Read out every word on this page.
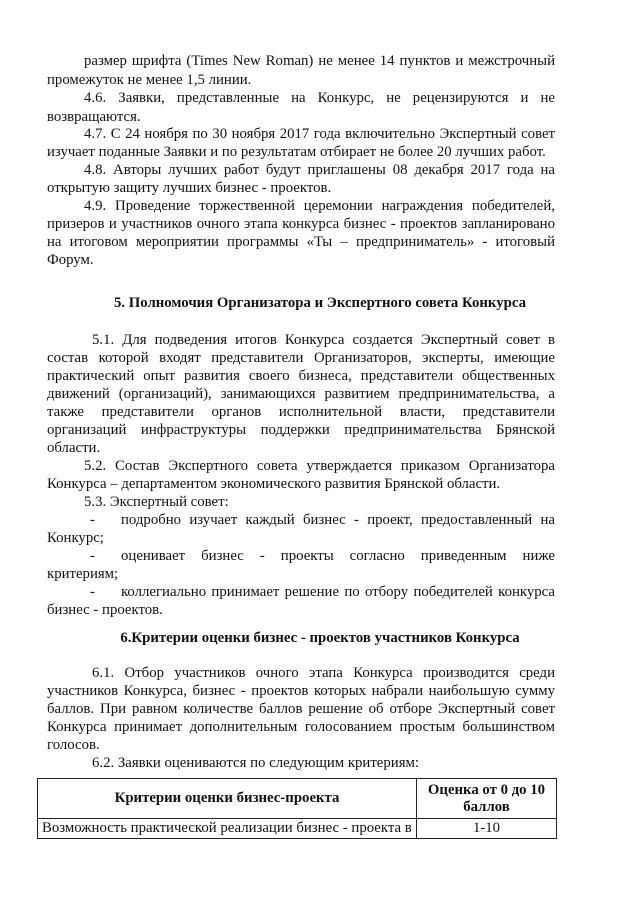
размер шрифта (Times New Roman) не менее 14 пунктов и межстрочный
промежуток не менее 1,5 линии.
4.6. Заявки, представленные на Конкурс, не рецензируются и не
возвращаются.
4.7. С 24 ноября по 30 ноября 2017 года включительно Экспертный совет
изучает поданные Заявки и по результатам отбирает не более 20 лучших работ.
4.8. Авторы лучших работ будут приглашены 08 декабря 2017 года на
открытую защиту лучших бизнес - проектов.
4.9. Проведение торжественной церемонии награждения победителей,
призеров и участников очного этапа конкурса бизнес - проектов запланировано
на итоговом мероприятии программы «Ты – предприниматель» - итоговый
Форум.
5. Полномочия Организатора и Экспертного совета Конкурса
5.1. Для подведения итогов Конкурса создается Экспертный совет в
состав которой входят представители Организаторов, эксперты, имеющие
практический опыт развития своего бизнеса, представители общественных
движений (организаций), занимающихся развитием предпринимательства, а
также представители органов исполнительной власти, представители
организаций инфраструктуры поддержки предпринимательства Брянской
области.
5.2. Состав Экспертного совета утверждается приказом Организатора
Конкурса – департаментом экономического развития Брянской области.
5.3. Экспертный совет:
- подробно изучает каждый бизнес - проект, предоставленный на
Конкурс;
- оценивает бизнес - проекты согласно приведенным ниже
критериям;
- коллегиально принимает решение по отбору победителей конкурса
бизнес - проектов.
6.Критерии оценки бизнес - проектов участников Конкурса
6.1. Отбор участников очного этапа Конкурса производится среди
участников Конкурса, бизнес - проектов которых набрали наибольшую сумму
баллов. При равном количестве баллов решение об отборе Экспертный совет
Конкурса принимает дополнительным голосованием простым большинством
голосов.
6.2. Заявки оцениваются по следующим критериям:
Критерии оценки бизнес-проекта	Оценка от 0 до 10 баллов
Возможность практической реализации бизнес - проекта в	1-10
